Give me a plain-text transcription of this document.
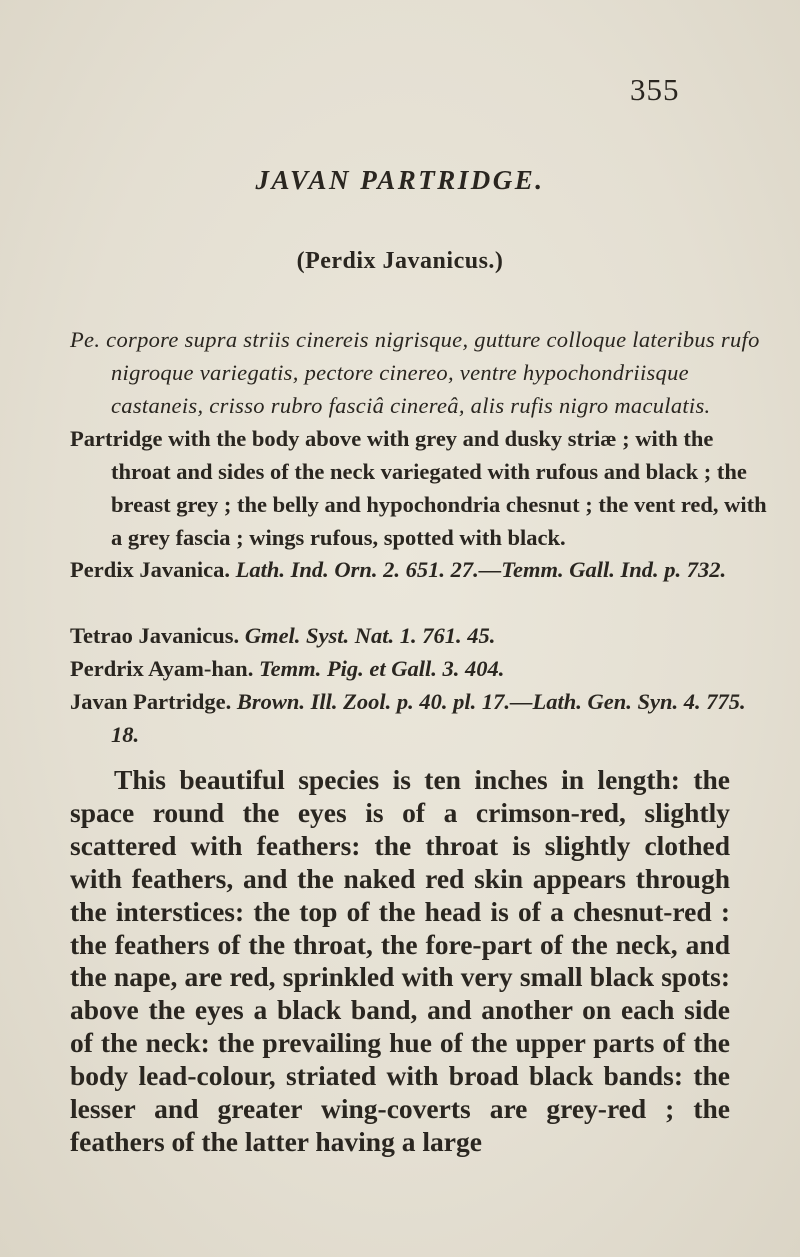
355
JAVAN PARTRIDGE.
(Perdix Javanicus.)
Pe. corpore supra striis cinereis nigrisque, gutture colloque lateribus rufo nigroque variegatis, pectore cinereo, ventre hypochondriisque castaneis, crisso rubro fasciâ cinereâ, alis rufis nigro maculatis.
Partridge with the body above with grey and dusky striæ ; with the throat and sides of the neck variegated with rufous and black ; the breast grey ; the belly and hypochondria chesnut ; the vent red, with a grey fascia ; wings rufous, spotted with black.
Perdix Javanica. Lath. Ind. Orn. 2. 651. 27.—Temm. Gall. Ind. p. 732.
Tetrao Javanicus. Gmel. Syst. Nat. 1. 761. 45.
Perdrix Ayam-han. Temm. Pig. et Gall. 3. 404.
Javan Partridge. Brown. Ill. Zool. p. 40. pl. 17.—Lath. Gen. Syn. 4. 775. 18.
This beautiful species is ten inches in length: the space round the eyes is of a crimson-red, slightly scattered with feathers: the throat is slightly clothed with feathers, and the naked red skin appears through the interstices: the top of the head is of a chesnut-red : the feathers of the throat, the fore-part of the neck, and the nape, are red, sprinkled with very small black spots: above the eyes a black band, and another on each side of the neck: the prevailing hue of the upper parts of the body lead-colour, striated with broad black bands: the lesser and greater wing-coverts are grey-red ; the feathers of the latter having a large
